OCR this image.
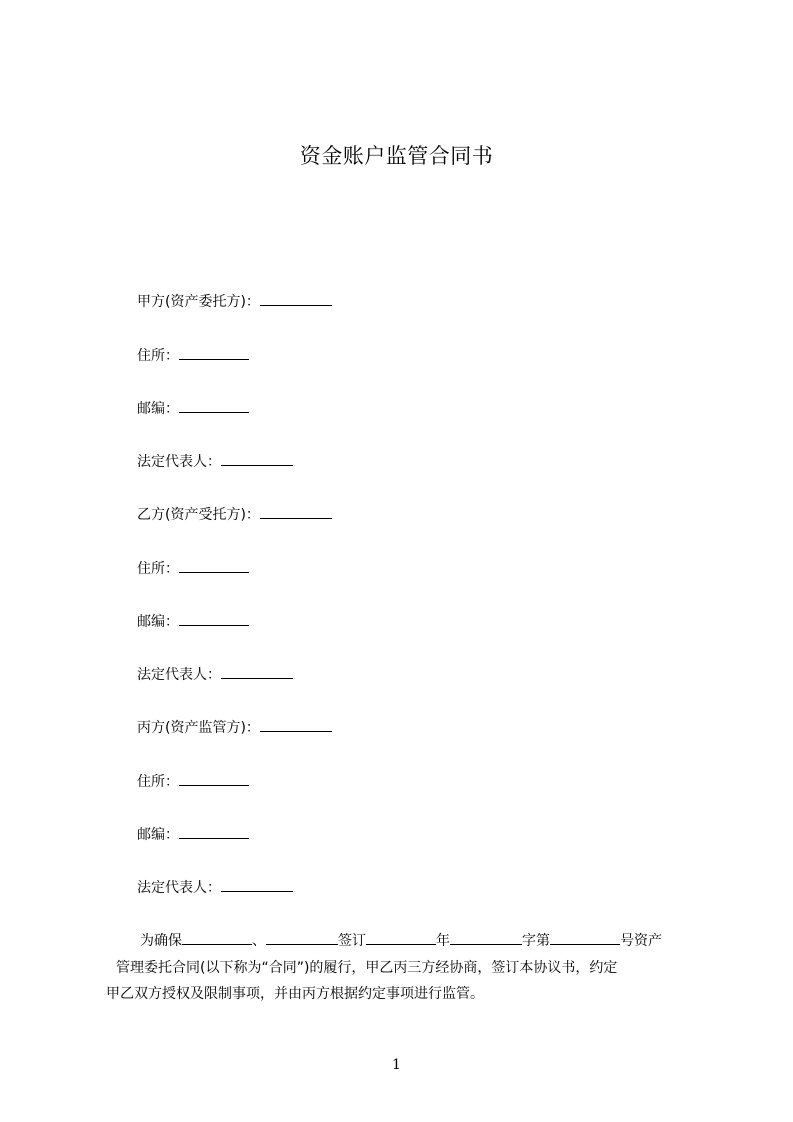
资金账户监管合同书
甲方(资产委托方)：
住所：
邮编：
法定代表人：
乙方(资产受托方)：
住所：
邮编：
法定代表人：
丙方(资产监管方)：
住所：
邮编：
法定代表人：
为确保	、	签订	年	字第	号资产
管理委托合同(以下称为“合同”)的履行，甲乙丙三方经协商，签订本协议书，约定
甲乙双方授权及限制事项，并由丙方根据约定事项进行监管。
1
